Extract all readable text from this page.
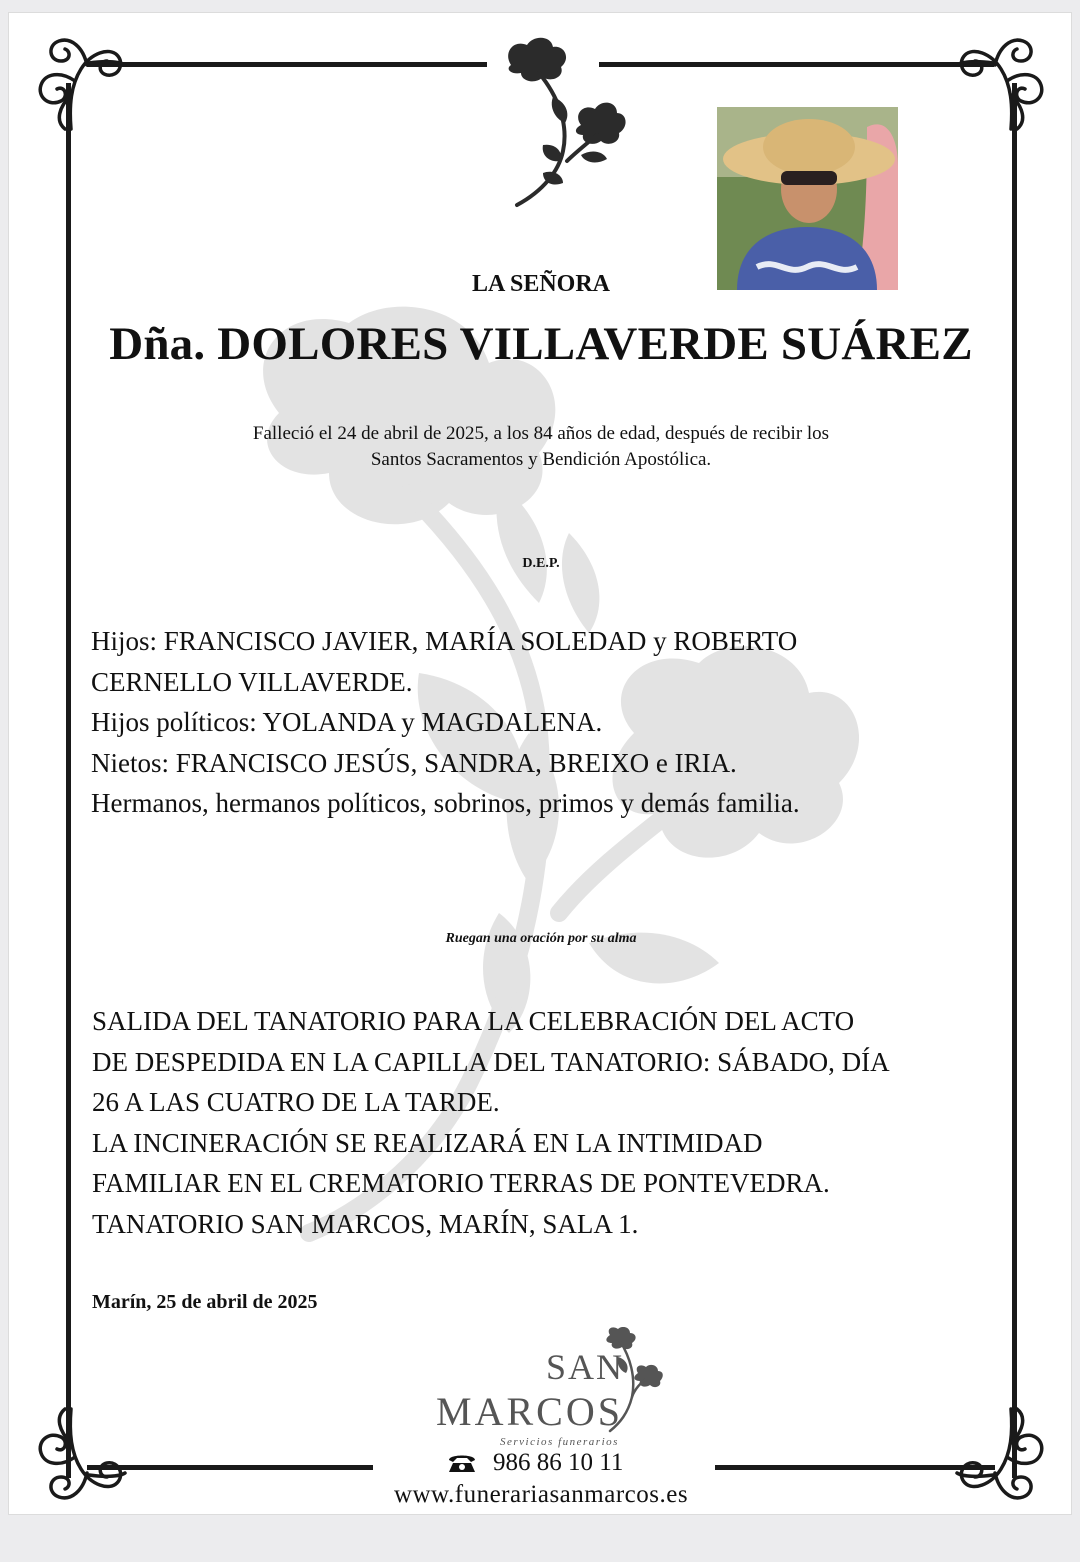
LA SEÑORA
Dña. DOLORES VILLAVERDE SUÁREZ
Falleció el 24 de abril de 2025, a los 84 años de edad, después de recibir los
Santos Sacramentos y Bendición Apostólica.
D.E.P.
Hijos: FRANCISCO JAVIER, MARÍA SOLEDAD y ROBERTO
CERNELLO VILLAVERDE.
Hijos políticos: YOLANDA y MAGDALENA.
Nietos: FRANCISCO JESÚS, SANDRA, BREIXO e IRIA.
Hermanos, hermanos políticos, sobrinos, primos y demás familia.
Ruegan una oración por su alma
SALIDA DEL TANATORIO PARA LA CELEBRACIÓN DEL ACTO
DE DESPEDIDA EN LA CAPILLA DEL TANATORIO: SÁBADO, DÍA
26 A LAS CUATRO DE LA TARDE.
LA INCINERACIÓN SE REALIZARÁ EN LA INTIMIDAD
FAMILIAR EN EL CREMATORIO TERRAS DE PONTEVEDRA.
TANATORIO SAN MARCOS, MARÍN, SALA 1.
Marín, 25 de abril de 2025
SAN
MARCOS
Servicios funerarios
986 86 10 11
www.funerariasanmarcos.es
